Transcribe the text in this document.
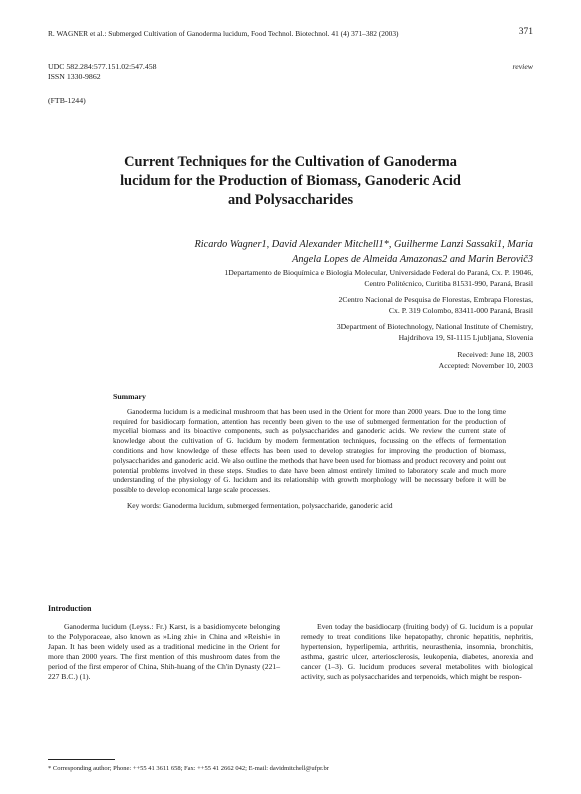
R. WAGNER et al.: Submerged Cultivation of Ganoderma lucidum, Food Technol. Biotechnol. 41 (4) 371–382 (2003)	371
UDC 582.284:577.151.02:547.458
ISSN 1330-9862
(FTB-1244)
review
Current Techniques for the Cultivation of Ganoderma
lucidum for the Production of Biomass, Ganoderic Acid
and Polysaccharides
Ricardo Wagner1, David Alexander Mitchell1*, Guilherme Lanzi Sassaki1, Maria
Angela Lopes de Almeida Amazonas2 and Marin Berovič3
1Departamento de Bioquímica e Biologia Molecular, Universidade Federal do Paraná, Cx. P. 19046,
Centro Politécnico, Curitiba 81531-990, Paraná, Brasil
2Centro Nacional de Pesquisa de Florestas, Embrapa Florestas,
Cx. P. 319 Colombo, 83411-000 Paraná, Brasil
3Department of Biotechnology, National Institute of Chemistry,
Hajdrihova 19, SI-1115 Ljubljana, Slovenia
Received: June 18, 2003
Accepted: November 10, 2003
Summary

Ganoderma lucidum is a medicinal mushroom that has been used in the Orient for more than 2000 years. Due to the long time required for basidiocarp formation, attention has recently been given to the use of submerged fermentation for the production of mycelial biomass and its bioactive components, such as polysaccharides and ganoderic acids. We review the current state of knowledge about the cultivation of G. lucidum by modern fermentation techniques, focussing on the effects of fermentation conditions and how knowledge of these effects has been used to develop strategies for improving the production of biomass, polysaccharides and ganoderic acid. We also outline the methods that have been used for biomass and product recovery and point out potential problems involved in these steps. Studies to date have been almost entirely limited to laboratory scale and much more understanding of the physiology of G. lucidum and its relationship with growth morphology will be necessary before it will be possible to develop economical large scale processes.

Key words: Ganoderma lucidum, submerged fermentation, polysaccharide, ganoderic acid

Introduction

Ganoderma lucidum (Leyss.: Fr.) Karst, is a basidiomycete belonging to the Polyporaceae, also known as »Ling zhi« in China and »Reishi« in Japan. It has been widely used as a traditional medicine in the Orient for more than 2000 years. The first mention of this mushroom dates from the period of the first emperor of China, Shih-huang of the Ch'in Dynasty (221–227 B.C.) (1).

Even today the basidiocarp (fruiting body) of G. lucidum is a popular remedy to treat conditions like hepatopathy, chronic hepatitis, nephritis, hypertension, hyperlipemia, arthritis, neurasthenia, insomnia, bronchitis, asthma, gastric ulcer, arteriosclerosis, leukopenia, diabetes, anorexia and cancer (1–3). G. lucidum produces several metabolites with biological activity, such as polysaccharides and terpenoids, which might be respon-

* Corresponding author; Phone: ++55 41 3611 658; Fax: ++55 41 2662 042; E-mail: davidmitchell@ufpr.br
